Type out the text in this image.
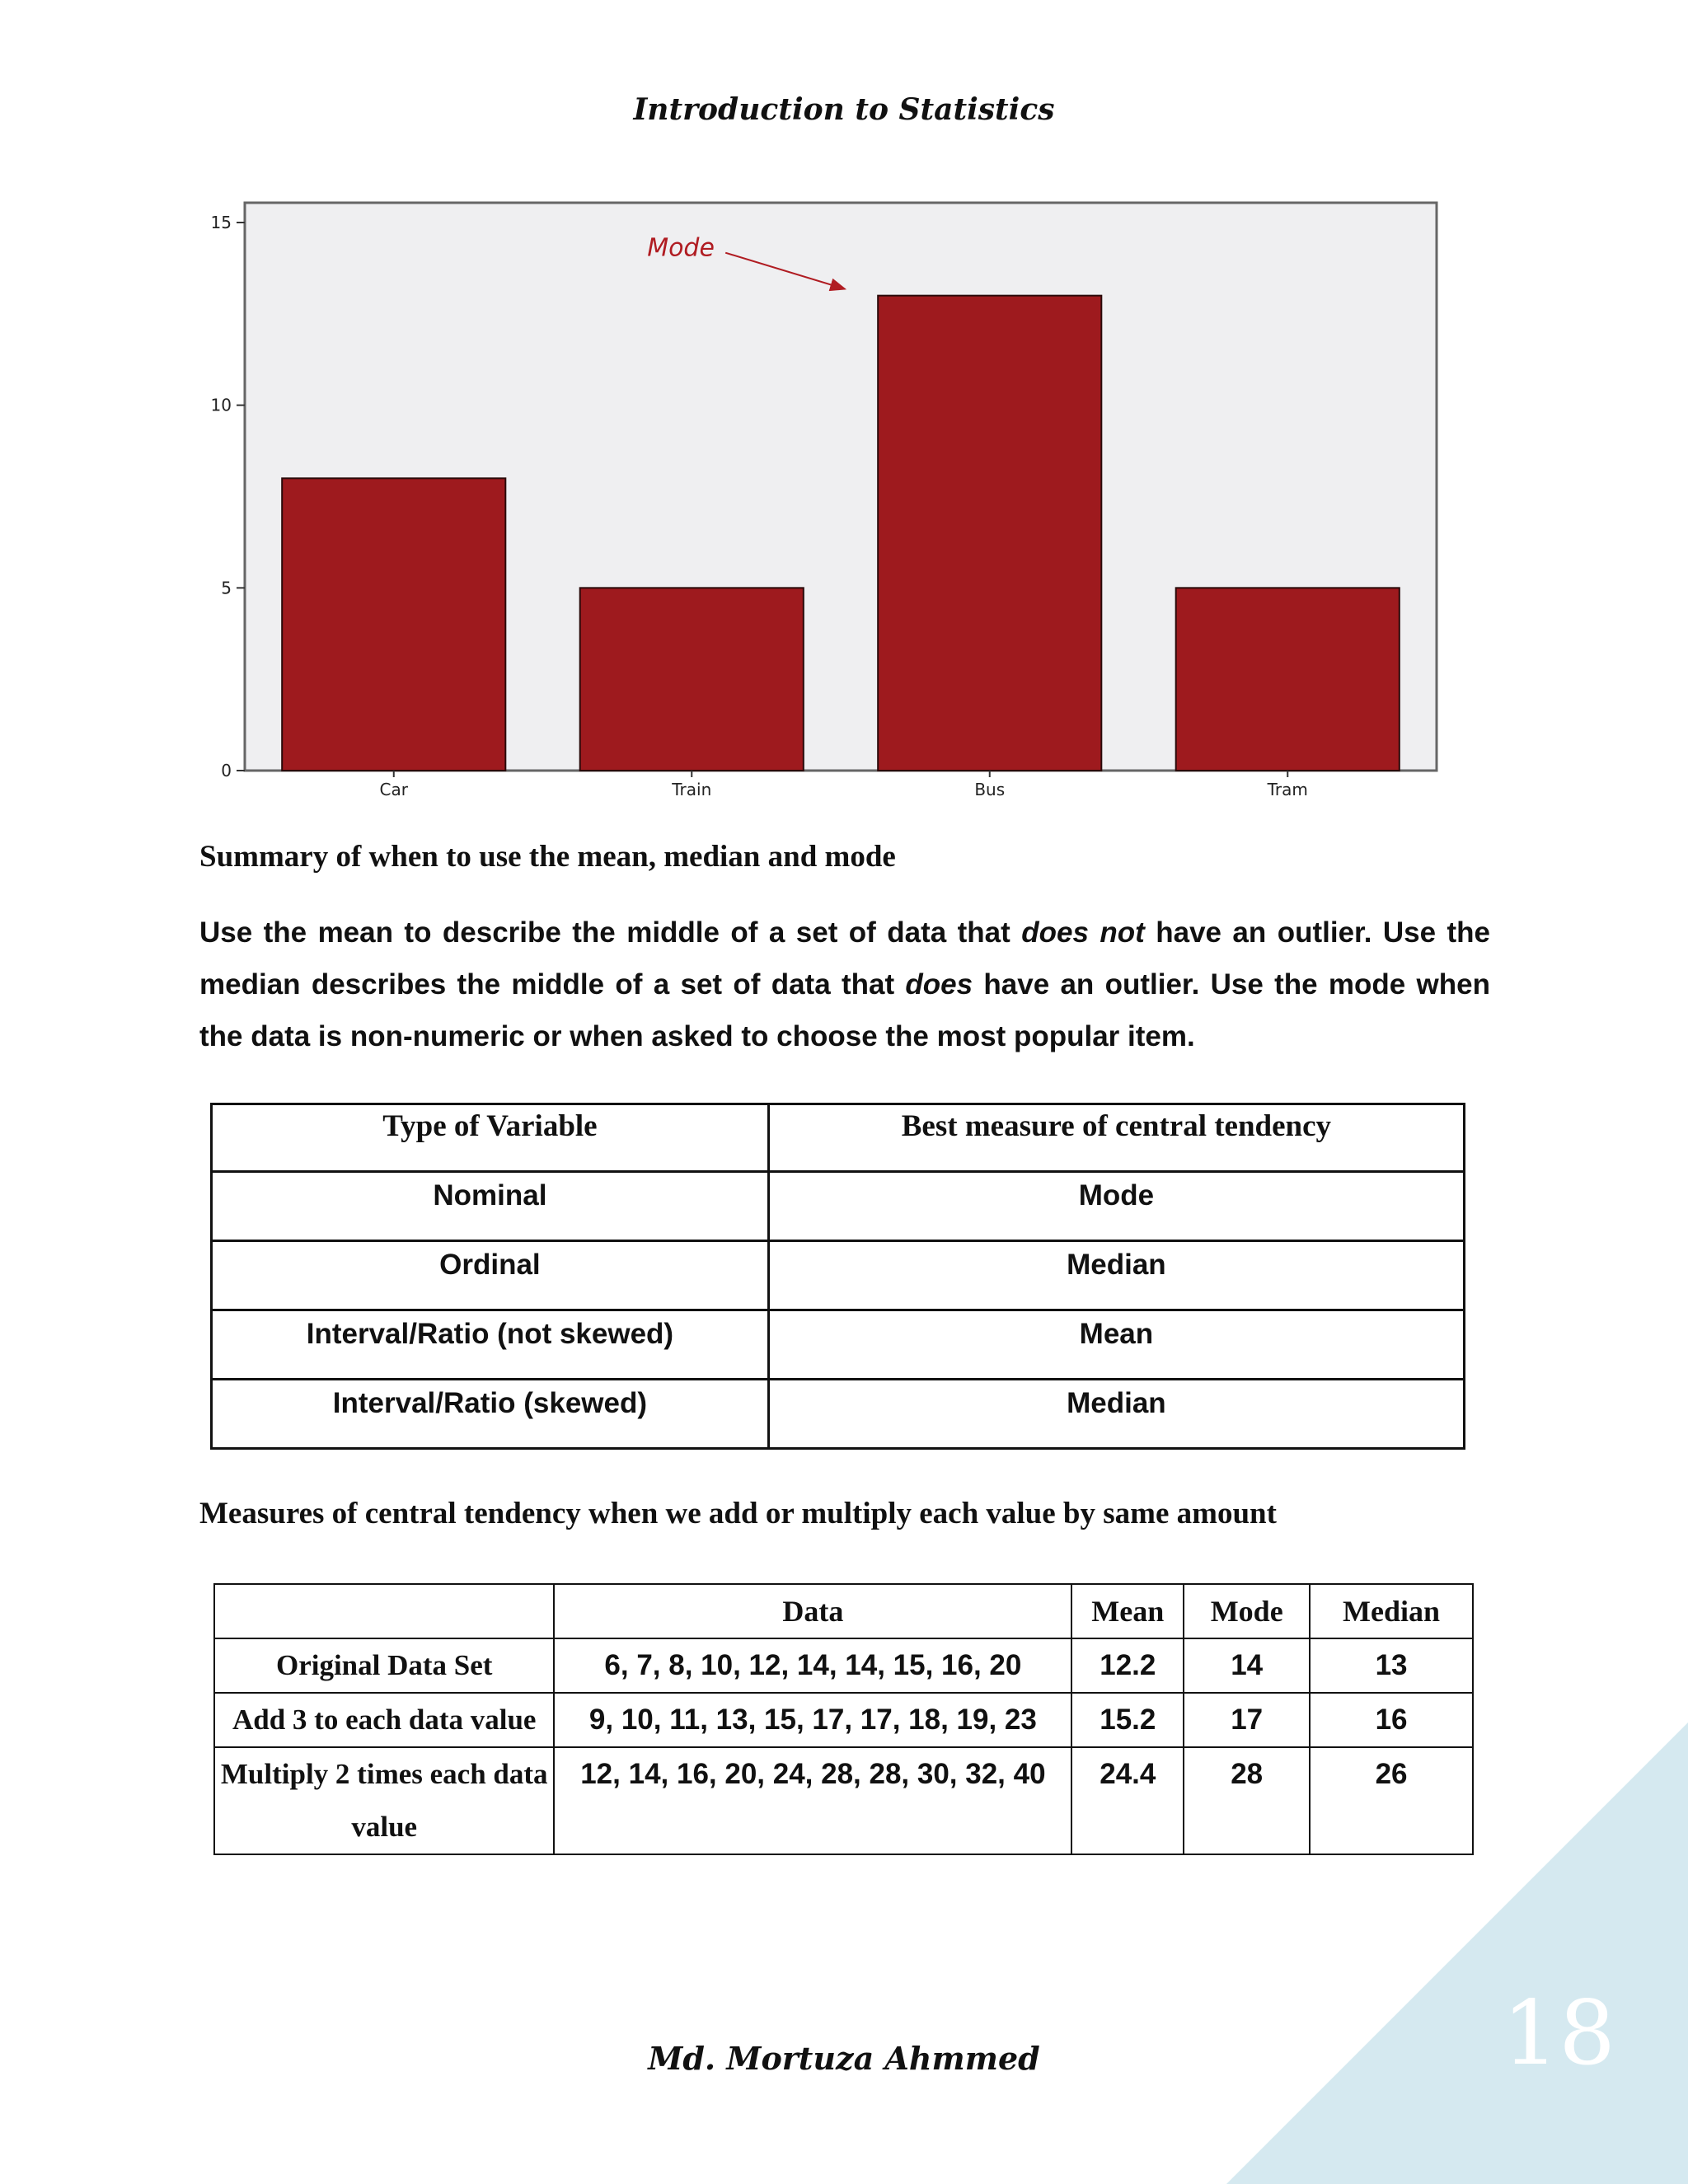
Introduction to Statistics
0
5
10
15
Car	Train	Bus	Tram
Mode
Summary of when to use the mean, median and mode
Use the mean to describe the middle of a set of data that does not have an outlier. Use the median describes the middle of a set of data that does have an outlier. Use the mode when the data is non-numeric or when asked to choose the most popular item.
Type of Variable	Best measure of central tendency
Nominal	Mode
Ordinal	Median
Interval/Ratio (not skewed)	Mean
Interval/Ratio (skewed)	Median
Measures of central tendency when we add or multiply each value by same amount
	Data	Mean	Mode	Median
Original Data Set	6, 7, 8, 10, 12, 14, 14, 15, 16, 20	12.2	14	13
Add 3 to each data value	9, 10, 11, 13, 15, 17, 17, 18, 19, 23	15.2	17	16
Multiply 2 times each data value	12, 14, 16, 20, 24, 28, 28, 30, 32, 40	24.4	28	26
18
Md. Mortuza Ahmmed
